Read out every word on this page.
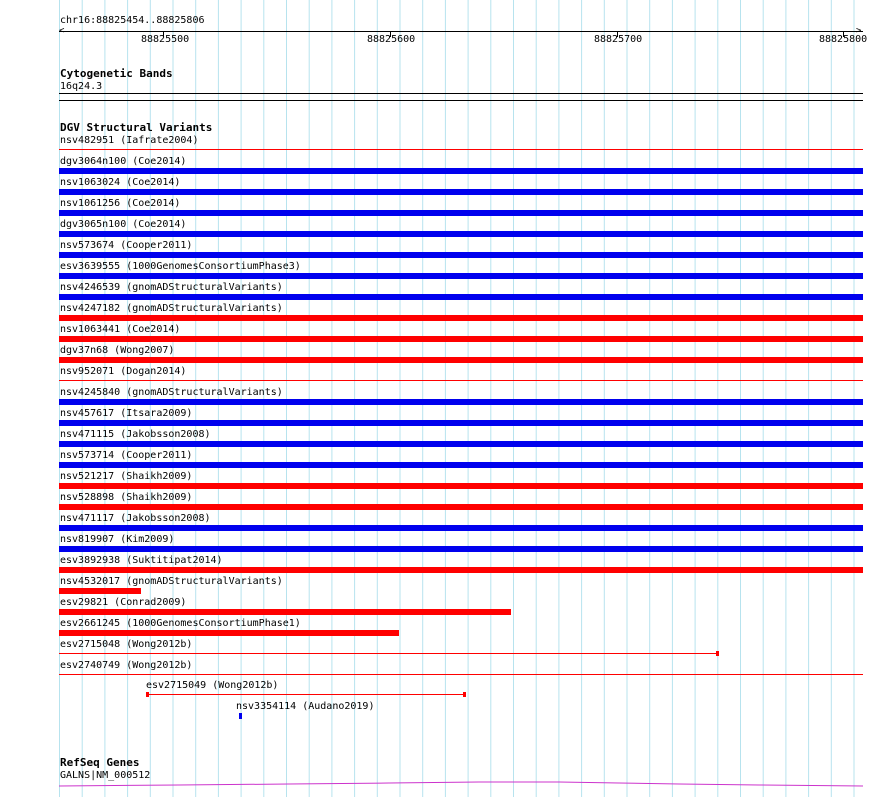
chr16:88825454..88825806
<	>
88825500	88825600	88825700	88825800
Cytogenetic Bands
16q24.3
DGV Structural Variants
nsv482951 (Iafrate2004)
dgv3064n100 (Coe2014)
nsv1063024 (Coe2014)
nsv1061256 (Coe2014)
dgv3065n100 (Coe2014)
nsv573674 (Cooper2011)
esv3639555 (1000GenomesConsortiumPhase3)
nsv4246539 (gnomADStructuralVariants)
nsv4247182 (gnomADStructuralVariants)
nsv1063441 (Coe2014)
dgv37n68 (Wong2007)
nsv952071 (Dogan2014)
nsv4245840 (gnomADStructuralVariants)
nsv457617 (Itsara2009)
nsv471115 (Jakobsson2008)
nsv573714 (Cooper2011)
nsv521217 (Shaikh2009)
nsv528898 (Shaikh2009)
nsv471117 (Jakobsson2008)
nsv819907 (Kim2009)
esv3892938 (Suktitipat2014)
nsv4532017 (gnomADStructuralVariants)
esv29821 (Conrad2009)
esv2661245 (1000GenomesConsortiumPhase1)
esv2715048 (Wong2012b)
esv2740749 (Wong2012b)
esv2715049 (Wong2012b)
nsv3354114 (Audano2019)
RefSeq Genes
GALNS|NM_000512
